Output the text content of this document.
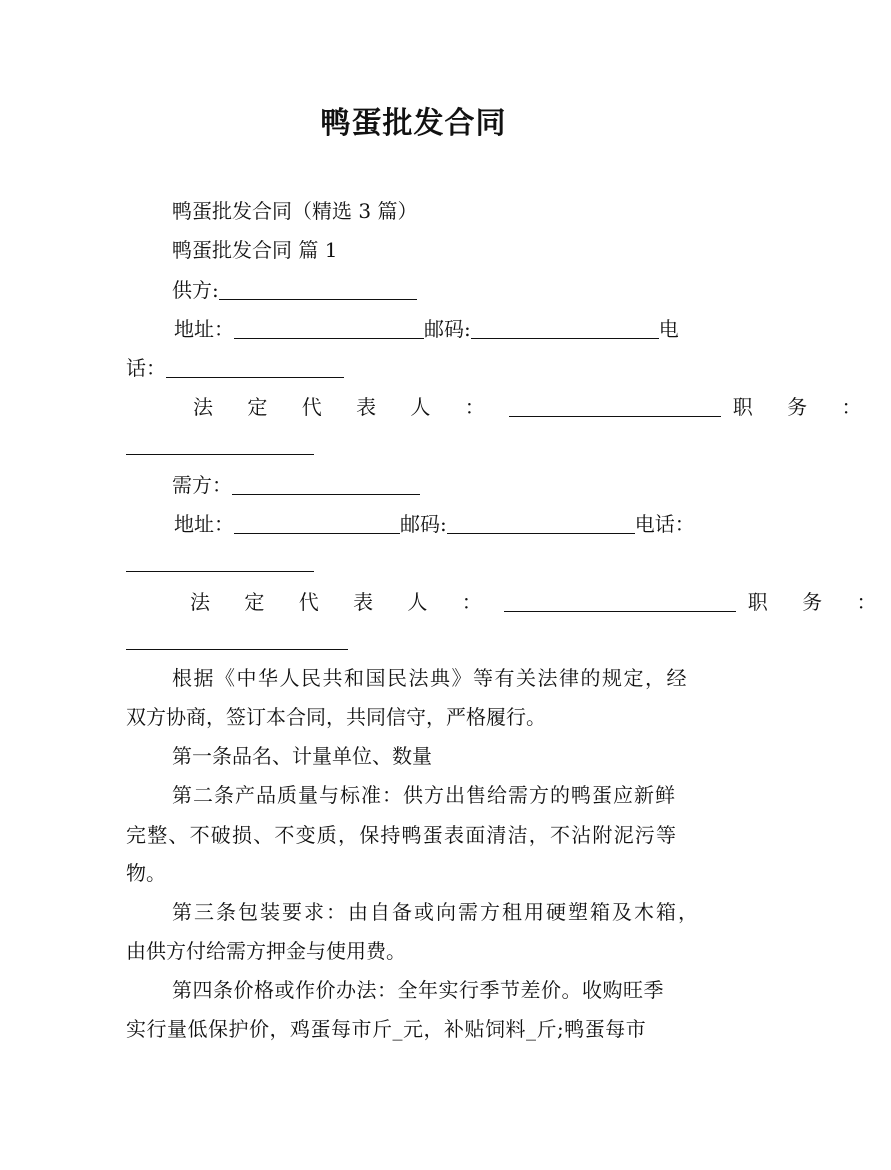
鸭蛋批发合同
鸭蛋批发合同（精选 3 篇）
鸭蛋批发合同 篇 1
供方:
地址：	邮码:	电
话：
法 定 代 表 人 ：	职 务 ：
需方：
地址：	邮码:	电话：
法 定 代 表 人 ：	职 务 ：
根据《中华人民共和国民法典》等有关法律的规定，经
双方协商，签订本合同，共同信守，严格履行。
第一条品名、计量单位、数量
第二条产品质量与标准：供方出售给需方的鸭蛋应新鲜
完整、不破损、不变质，保持鸭蛋表面清洁，不沾附泥污等
物。
第三条包装要求：由自备或向需方租用硬塑箱及木箱，
由供方付给需方押金与使用费。
第四条价格或作价办法：全年实行季节差价。收购旺季
实行量低保护价，鸡蛋每市斤_元，补贴饲料_斤;鸭蛋每市
